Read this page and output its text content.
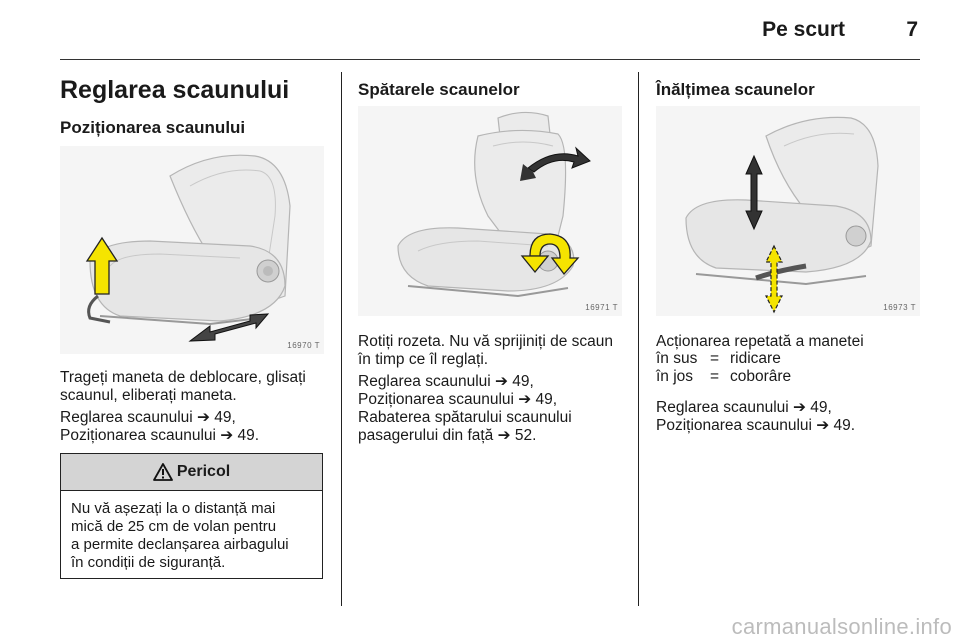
Pe scurt	7
Reglarea scaunului
Poziționarea scaunului
16970 T
Trageți maneta de deblocare, glisați
scaunul, eliberați maneta.
Reglarea scaunului ➔ 49,
Poziționarea scaunului ➔ 49.
Pericol
Nu vă așezați la o distanță mai
mică de 25 cm de volan pentru
a permite declanșarea airbagului
în condiții de siguranță.
Spătarele scaunelor
16971 T
Rotiți rozeta. Nu vă sprijiniți de scaun
în timp ce îl reglați.
Reglarea scaunului ➔ 49,
Poziționarea scaunului ➔ 49,
Rabaterea spătarului scaunului
pasagerului din față ➔ 52.
Înălțimea scaunelor
16973 T
Acționarea repetată a manetei
în sus = ridicare
în jos = coborâre
Reglarea scaunului ➔ 49,
Poziționarea scaunului ➔ 49.
carmanualsonline.info
